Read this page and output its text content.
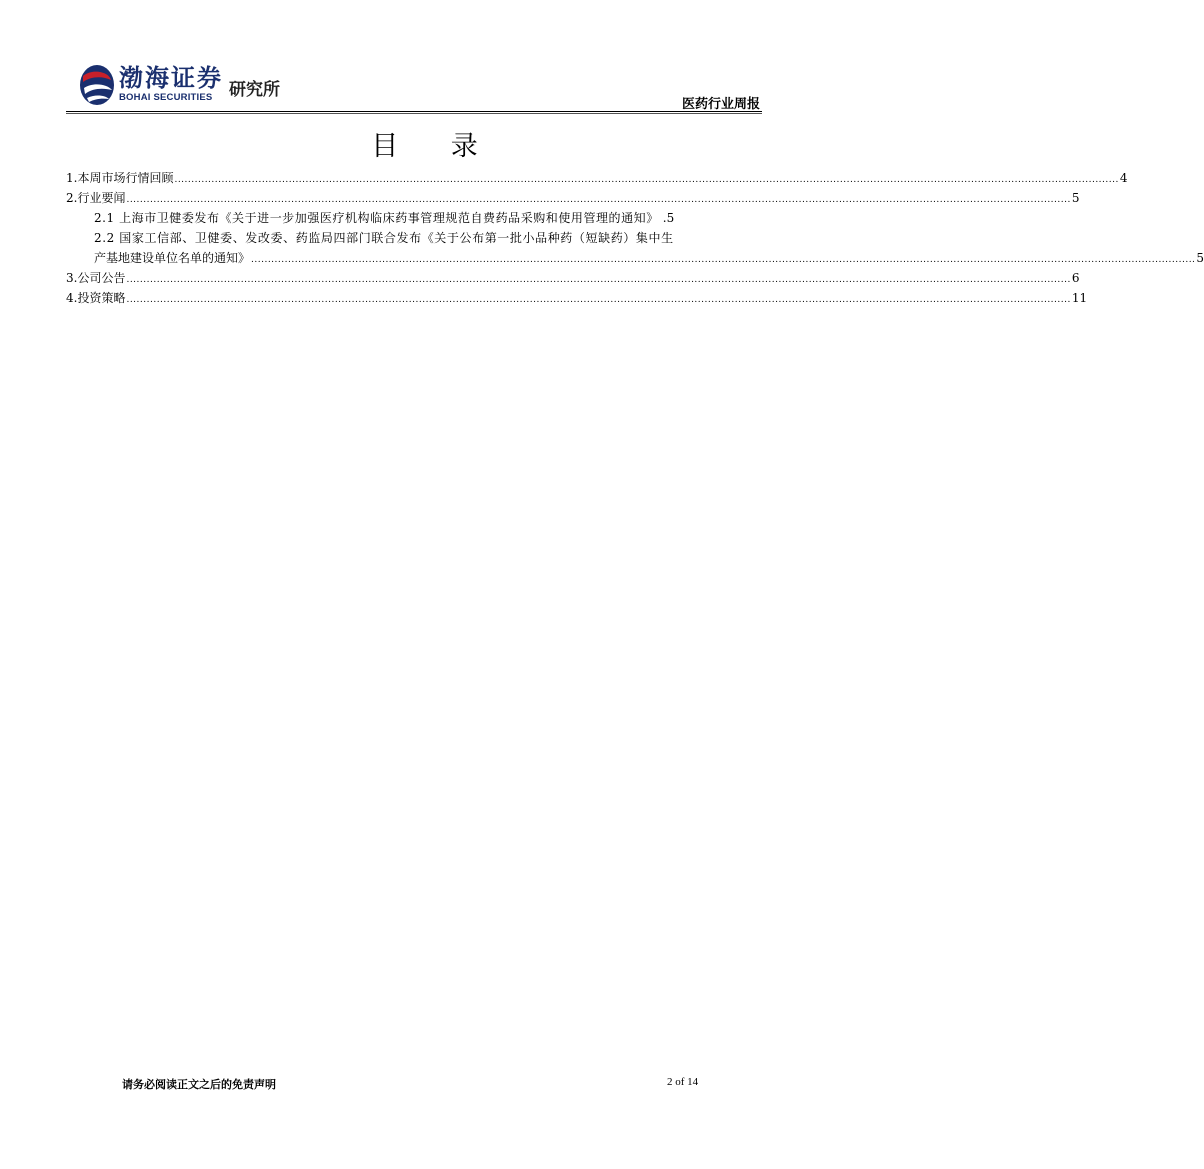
渤海证券
BOHAI SECURITIES 研究所
医药行业周报
目 录
1.本周市场行情回顾 ......................................................................................................................................................................................................................................................................................... 4
2.行业要闻 ......................................................................................................................................................................................................................................................................................... 5
2.1 上海市卫健委发布《关于进一步加强医疗机构临床药事管理规范自费药品采购和使用管理的通知》 .5
2.2 国家工信部、卫健委、发改委、药监局四部门联合发布《关于公布第一批小品种药（短缺药）集中生
产基地建设单位名单的通知》 ......................................................................................................................................................................................................................................................................................... 5
3.公司公告 ......................................................................................................................................................................................................................................................................................... 6
4.投资策略 ......................................................................................................................................................................................................................................................................................... 11
请务必阅读正文之后的免责声明	2 of 14
